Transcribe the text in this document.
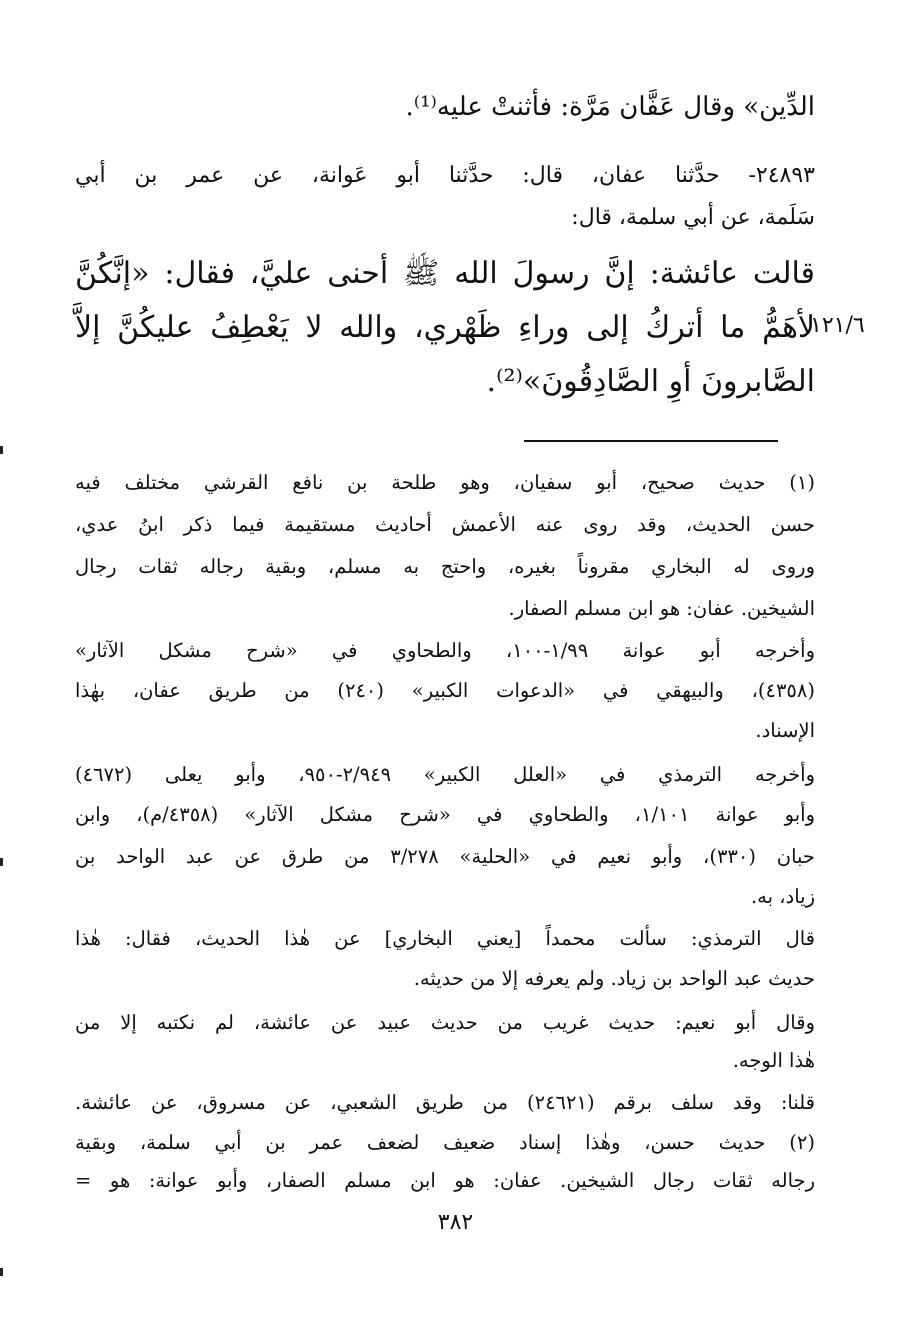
الدِّين» وقال عَفَّان مَرَّة: فأثنتْ عليه⁽¹⁾.
٢٤٨٩٣- حدَّثنا عفان، قال: حدَّثنا أبو عَوانة، عن عمر بن أبي
سَلَمة، عن أبي سلمة، قال:
قالت عائشة: إنَّ رسولَ الله ﷺ أحنى عليَّ، فقال: «إنَّكُنَّ
لأهَمُّ ما أتركُ إلى وراءِ ظَهْري، والله لا يَعْطِفُ عليكُنَّ إلاَّ
الصَّابرونَ أوِ الصَّادِقُونَ»⁽²⁾.
١٢١/٦
(١) حديث صحيح، أبو سفيان، وهو طلحة بن نافع القرشي مختلف فيه
حسن الحديث، وقد روى عنه الأعمش أحاديث مستقيمة فيما ذكر ابنُ عدي،
وروى له البخاري مقروناً بغيره، واحتج به مسلم، وبقية رجاله ثقات رجال
الشيخين. عفان: هو ابن مسلم الصفار.
وأخرجه أبو عوانة ١/٩٩-١٠٠، والطحاوي في «شرح مشكل الآثار»
(٤٣٥٨)، والبيهقي في «الدعوات الكبير» (٢٤٠) من طريق عفان، بهٰذا
الإسناد.
وأخرجه الترمذي في «العلل الكبير» ٢/٩٤٩-٩٥٠، وأبو يعلى (٤٦٧٢)
وأبو عوانة ١/١٠١، والطحاوي في «شرح مشكل الآثار» (٤٣٥٨/م)، وابن
حبان (٣٣٠)، وأبو نعيم في «الحلية» ٣/٢٧٨ من طرق عن عبد الواحد بن
زياد، به.
قال الترمذي: سألت محمداً [يعني البخاري] عن هٰذا الحديث، فقال: هٰذا
حديث عبد الواحد بن زياد. ولم يعرفه إلا من حديثه.
وقال أبو نعيم: حديث غريب من حديث عبيد عن عائشة، لم نكتبه إلا من
هٰذا الوجه.
قلنا: وقد سلف برقم (٢٤٦٢١) من طريق الشعبي، عن مسروق، عن عائشة.
(٢) حديث حسن، وهٰذا إسناد ضعيف لضعف عمر بن أبي سلمة، وبقية
رجاله ثقات رجال الشيخين. عفان: هو ابن مسلم الصفار، وأبو عوانة: هو =
٣٨٢
